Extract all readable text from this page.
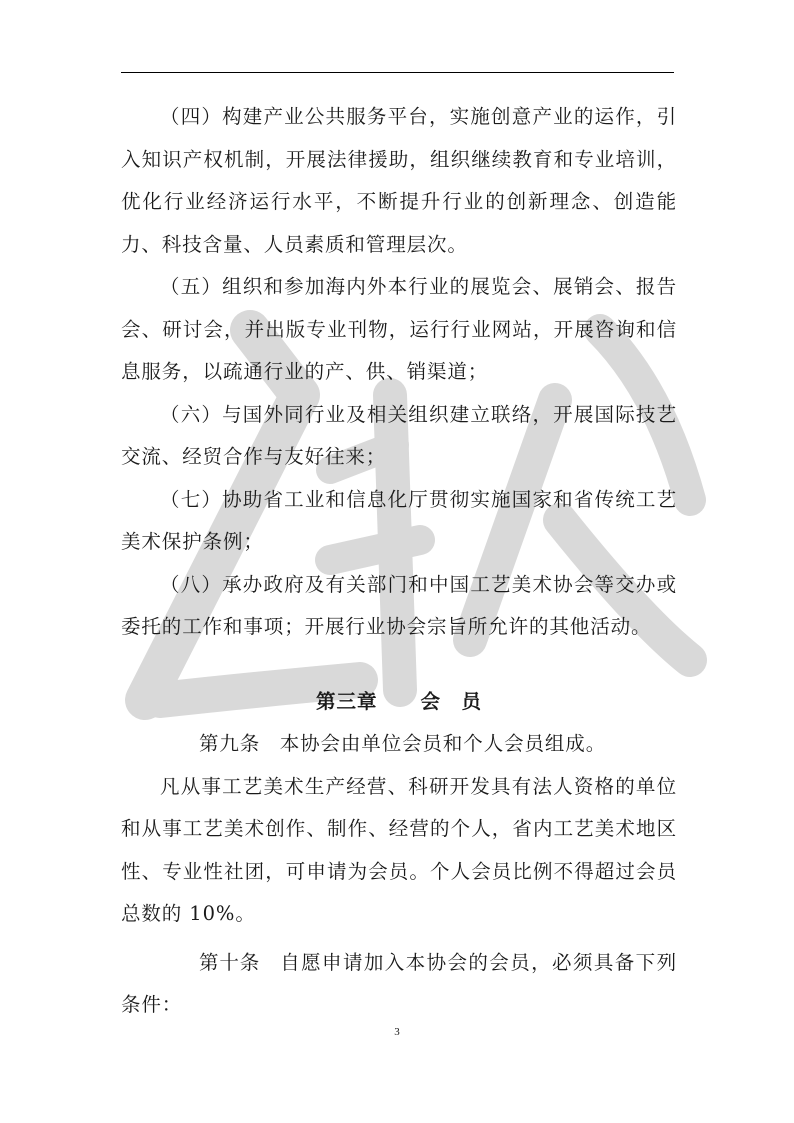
（四）构建产业公共服务平台，实施创意产业的运作，引入知识产权机制，开展法律援助，组织继续教育和专业培训，优化行业经济运行水平，不断提升行业的创新理念、创造能力、科技含量、人员素质和管理层次。

（五）组织和参加海内外本行业的展览会、展销会、报告会、研讨会，并出版专业刊物，运行行业网站，开展咨询和信息服务，以疏通行业的产、供、销渠道；

（六）与国外同行业及相关组织建立联络，开展国际技艺交流、经贸合作与友好往来；

（七）协助省工业和信息化厅贯彻实施国家和省传统工艺美术保护条例；

（八）承办政府及有关部门和中国工艺美术协会等交办或委托的工作和事项；开展行业协会宗旨所允许的其他活动。

第三章 会　员

第九条 本协会由单位会员和个人会员组成。

凡从事工艺美术生产经营、科研开发具有法人资格的单位和从事工艺美术创作、制作、经营的个人，省内工艺美术地区性、专业性社团，可申请为会员。个人会员比例不得超过会员总数的 10%。

第十条 自愿申请加入本协会的会员，必须具备下列条件：

3
